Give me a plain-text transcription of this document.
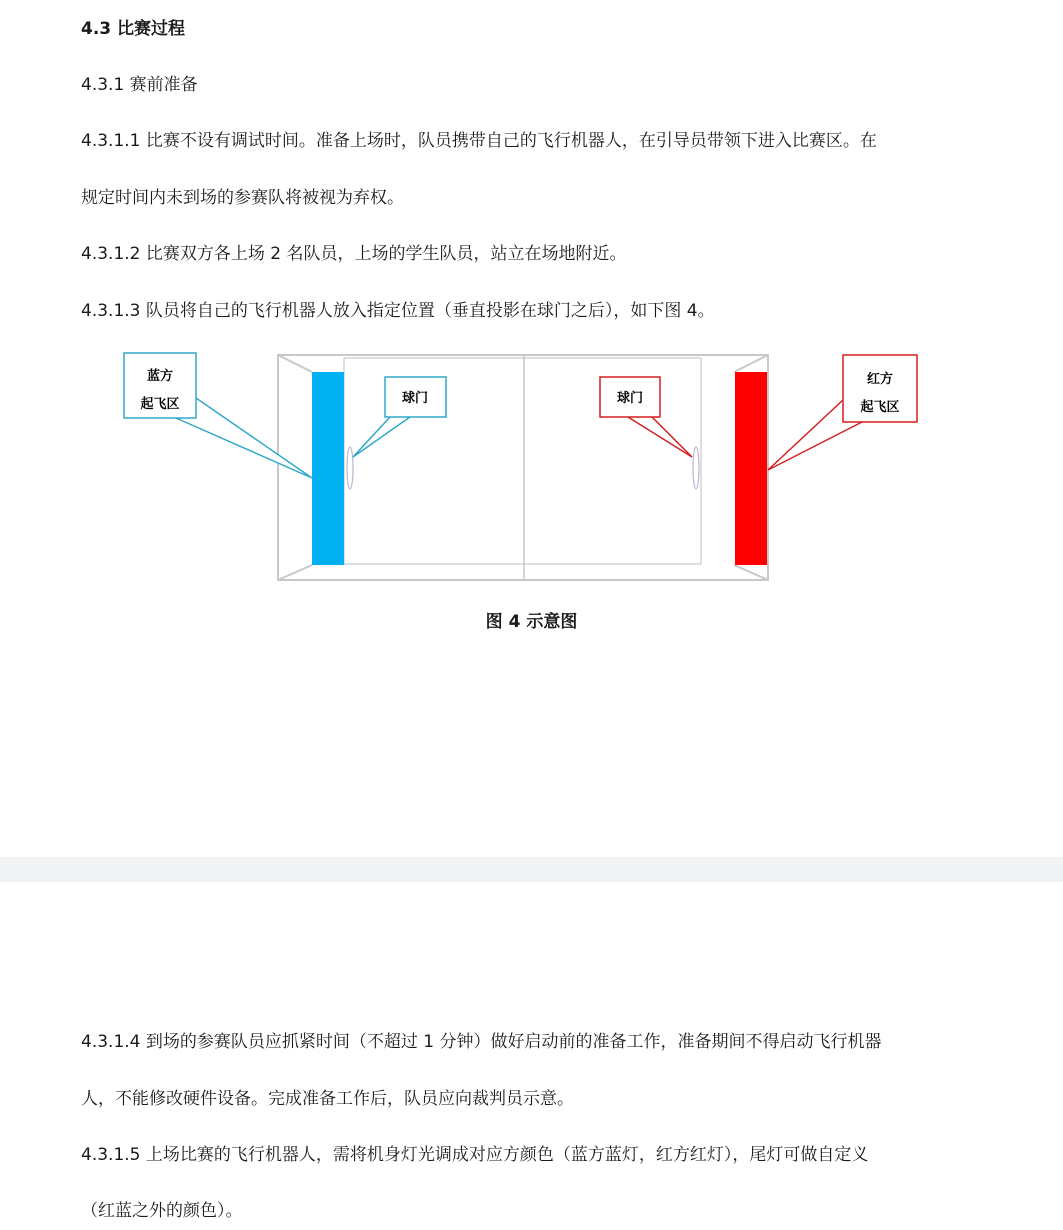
4.3 比赛过程

4.3.1 赛前准备

4.3.1.1 比赛不设有调试时间。准备上场时，队员携带自己的飞行机器人，在引导员带领下进入比赛区。在

规定时间内未到场的参赛队将被视为弃权。

4.3.1.2 比赛双方各上场 2 名队员，上场的学生队员，站立在场地附近。

4.3.1.3 队员将自己的飞行机器人放入指定位置（垂直投影在球门之后），如下图 4。

蓝方
起飞区	球门	球门
红方
起飞区
图 4 示意图

4.3.1.4 到场的参赛队员应抓紧时间（不超过 1 分钟）做好启动前的准备工作，准备期间不得启动飞行机器

人，不能修改硬件设备。完成准备工作后，队员应向裁判员示意。

4.3.1.5 上场比赛的飞行机器人，需将机身灯光调成对应方颜色（蓝方蓝灯，红方红灯），尾灯可做自定义

（红蓝之外的颜色）。
